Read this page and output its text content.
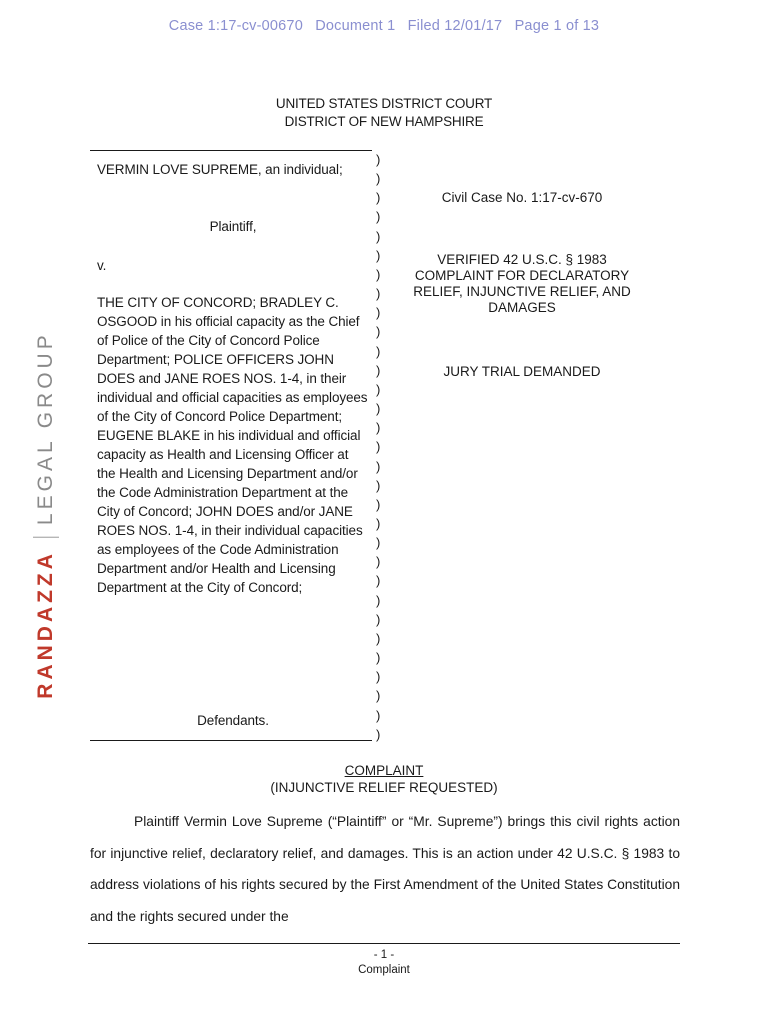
Case 1:17-cv-00670 Document 1 Filed 12/01/17 Page 1 of 13
UNITED STATES DISTRICT COURT
DISTRICT OF NEW HAMPSHIRE
VERMIN LOVE SUPREME, an individual;
Plaintiff,
v.
THE CITY OF CONCORD; BRADLEY C. OSGOOD in his official capacity as the Chief of Police of the City of Concord Police Department; POLICE OFFICERS JOHN DOES and JANE ROES NOS. 1-4, in their individual and official capacities as employees of the City of Concord Police Department; EUGENE BLAKE in his individual and official capacity as Health and Licensing Officer at the Health and Licensing Department and/or the Code Administration Department at the City of Concord; JOHN DOES and/or JANE ROES NOS. 1-4, in their individual capacities as employees of the Code Administration Department and/or Health and Licensing Department at the City of Concord;
Defendants.
)
)
)
)
)
)
)
)
)
)
)
)
)
)
)
)
)
)
)
)
)
)
)
)
)
)
)
)
)
)
)
Civil Case No. 1:17-cv-670
VERIFIED 42 U.S.C. § 1983
COMPLAINT FOR DECLARATORY
RELIEF, INJUNCTIVE RELIEF, AND
DAMAGES
JURY TRIAL DEMANDED
RANDAZZA
LEGAL GROUP
COMPLAINT
(INJUNCTIVE RELIEF REQUESTED)

Plaintiff Vermin Love Supreme (“Plaintiff” or “Mr. Supreme”) brings this civil rights action for injunctive relief, declaratory relief, and damages. This is an action under 42 U.S.C. § 1983 to address violations of his rights secured by the First Amendment of the United States Constitution and the rights secured under the

- 1 -
Complaint
